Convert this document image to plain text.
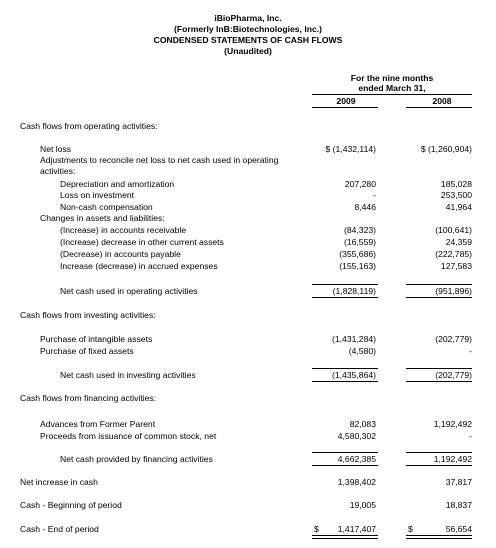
iBioPharma, Inc.
(Formerly InB:Biotechnologies, Inc.)
CONDENSED STATEMENTS OF CASH FLOWS
(Unaudited)
For the nine months
ended March 31,
2009	2008
Cash flows from operating activities:
Net loss	$ (1,432,114)	$ (1,260,904)
Adjustments to reconcile net loss to net cash used in operating
activities:
Depreciation and amortization	207,280	185,028
Loss on investment	-	253,500
Non-cash compensation	8,446	41,964
Changes in assets and liabilities:
(Increase) in accounts receivable	(84,323)	(100,641)
(Increase) decrease in other current assets	(16,559)	24,359
(Decrease) in accounts payable	(355,686)	(222,785)
Increase (decrease) in accrued expenses	(155,163)	127,583
Net cash used in operating activities	(1,828,119)	(951,896)
Cash flows from investing activities:
Purchase of intangible assets	(1,431,284)	(202,779)
Purchase of fixed assets	(4,580)	-
Net cash used in investing activities	(1,435,864)	(202,779)
Cash flows from financing activities:
Advances from Former Parent	82,083	1,192,492
Proceeds from issuance of common stock, net	4,580,302	-
Net cash provided by financing activities	4,662,385	1,192,492
Net increase in cash	1,398,402	37,817
Cash - Beginning of period	19,005	18,837
Cash - End of period	$	1,417,407	$	56,654
